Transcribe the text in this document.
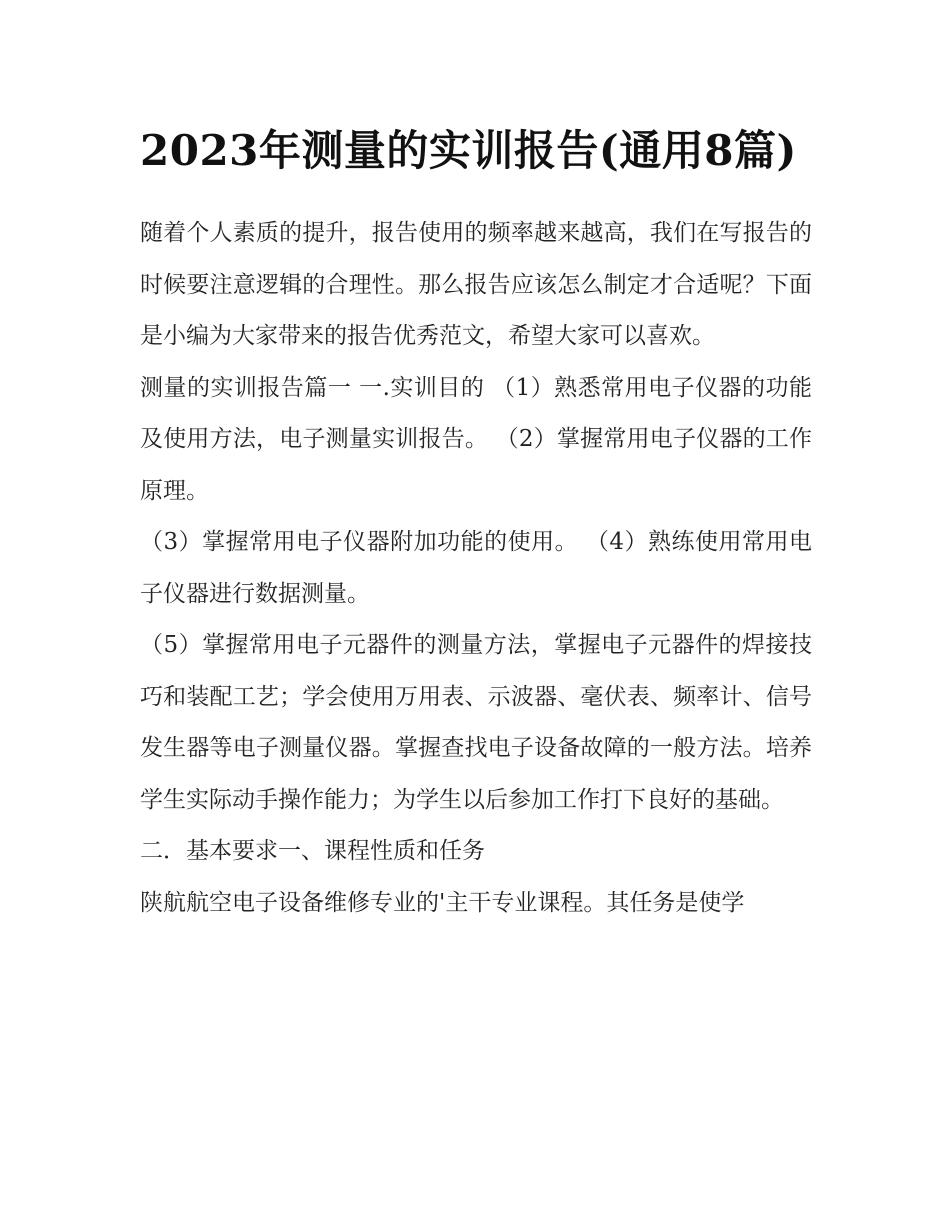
2023年测量的实训报告(通用8篇)

随着个人素质的提升，报告使用的频率越来越高，我们在写报告的时候要注意逻辑的合理性。那么报告应该怎么制定才合适呢？下面是小编为大家带来的报告优秀范文，希望大家可以喜欢。

测量的实训报告篇一 一.实训目的 （1）熟悉常用电子仪器的功能及使用方法，电子测量实训报告。 （2）掌握常用电子仪器的工作原理。

（3）掌握常用电子仪器附加功能的使用。 （4）熟练使用常用电子仪器进行数据测量。

（5）掌握常用电子元器件的测量方法，掌握电子元器件的焊接技巧和装配工艺；学会使用万用表、示波器、毫伏表、频率计、信号发生器等电子测量仪器。掌握查找电子设备故障的一般方法。培养学生实际动手操作能力；为学生以后参加工作打下良好的基础。

二．基本要求一、课程性质和任务

陕航航空电子设备维修专业的'主干专业课程。其任务是使学
